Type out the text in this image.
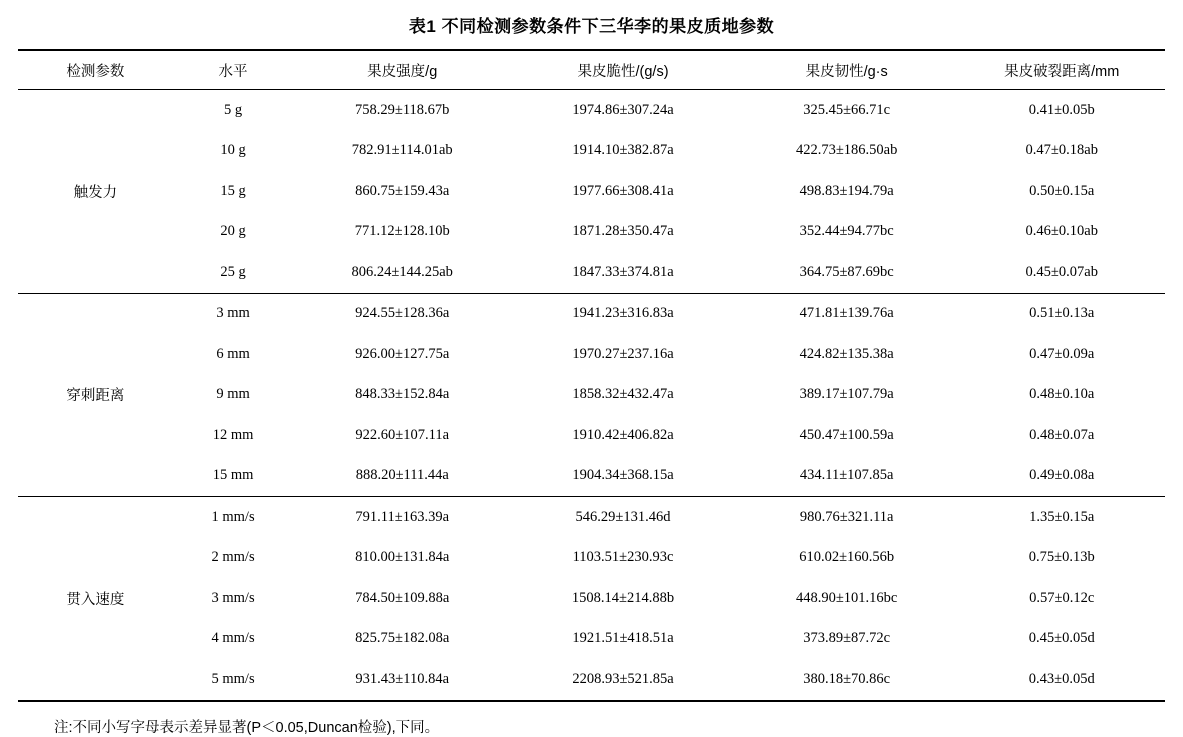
表1 不同检测参数条件下三华李的果皮质地参数
检测参数	水平	果皮强度/g	果皮脆性/(g/s)	果皮韧性/g·s	果皮破裂距离/mm
触发力	5 g	758.29±118.67b	1974.86±307.24a	325.45±66.71c	0.41±0.05b
	10 g	782.91±114.01ab	1914.10±382.87a	422.73±186.50ab	0.47±0.18ab
	15 g	860.75±159.43a	1977.66±308.41a	498.83±194.79a	0.50±0.15a
	20 g	771.12±128.10b	1871.28±350.47a	352.44±94.77bc	0.46±0.10ab
	25 g	806.24±144.25ab	1847.33±374.81a	364.75±87.69bc	0.45±0.07ab
穿刺距离	3 mm	924.55±128.36a	1941.23±316.83a	471.81±139.76a	0.51±0.13a
	6 mm	926.00±127.75a	1970.27±237.16a	424.82±135.38a	0.47±0.09a
	9 mm	848.33±152.84a	1858.32±432.47a	389.17±107.79a	0.48±0.10a
	12 mm	922.60±107.11a	1910.42±406.82a	450.47±100.59a	0.48±0.07a
	15 mm	888.20±111.44a	1904.34±368.15a	434.11±107.85a	0.49±0.08a
贯入速度	1 mm/s	791.11±163.39a	546.29±131.46d	980.76±321.11a	1.35±0.15a
	2 mm/s	810.00±131.84a	1103.51±230.93c	610.02±160.56b	0.75±0.13b
	3 mm/s	784.50±109.88a	1508.14±214.88b	448.90±101.16bc	0.57±0.12c
	4 mm/s	825.75±182.08a	1921.51±418.51a	373.89±87.72c	0.45±0.05d
	5 mm/s	931.43±110.84a	2208.93±521.85a	380.18±70.86c	0.43±0.05d
注:不同小写字母表示差异显著(P＜0.05,Duncan检验),下同。
